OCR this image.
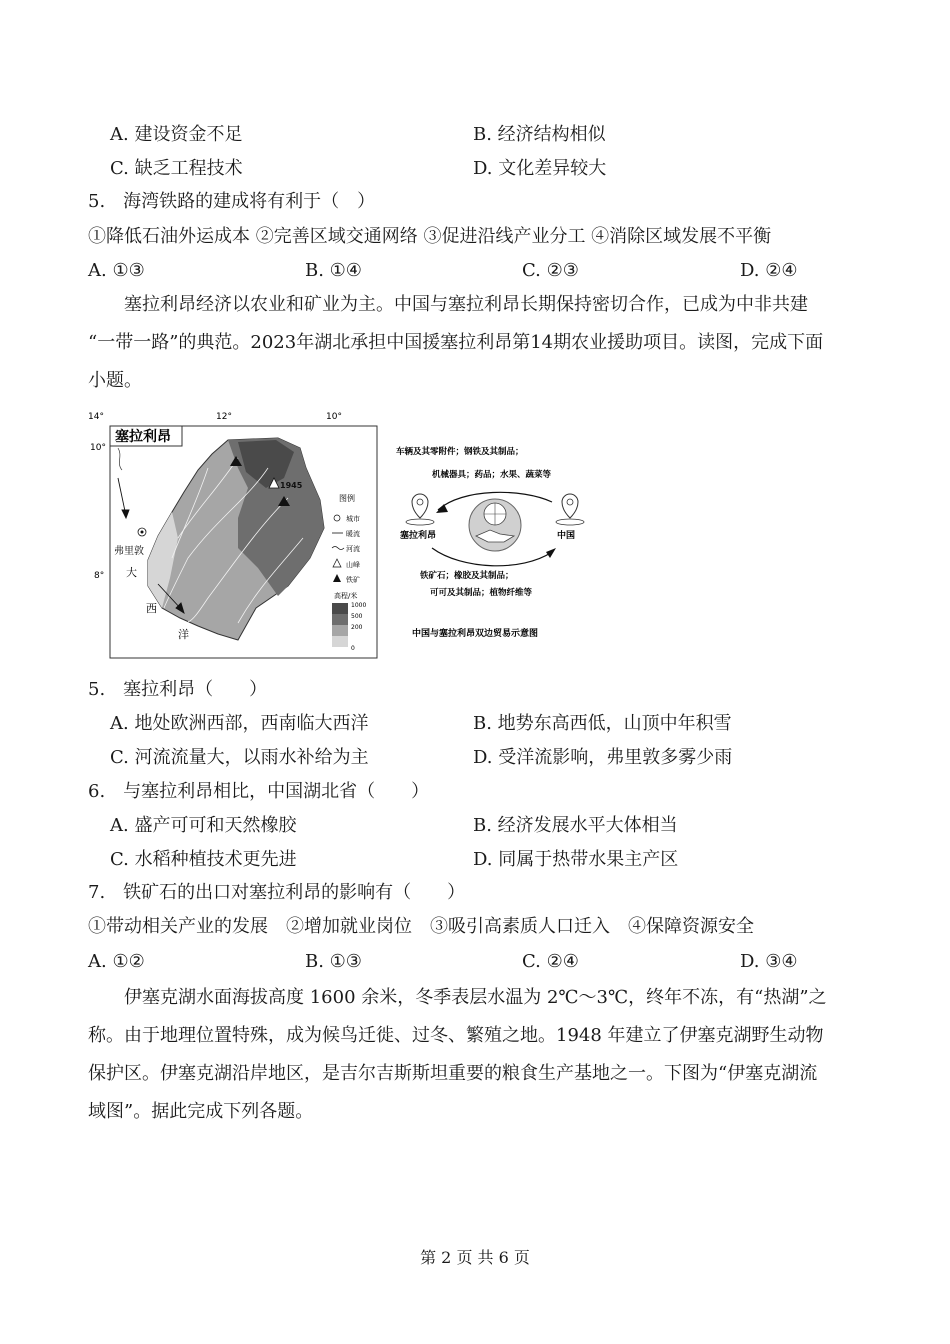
A. 建设资金不足	B. 经济结构相似
C. 缺乏工程技术	D. 文化差异较大
5.　海湾铁路的建成将有利于（　）
①降低石油外运成本 ②完善区域交通网络 ③促进沿线产业分工 ④消除区域发展不平衡
A. ①③	B. ①④	C. ②③	D. ②④

塞拉利昂经济以农业和矿业为主。中国与塞拉利昂长期保持密切合作，已成为中非共建

“一带一路”的典范。2023年湖北承担中国援塞拉利昂第14期农业援助项目。读图，完成下面

小题。

14°	12°	10°
10°
8°
塞拉利昂
1945
弗里敦
大
西
洋
图例
城市
暖流
河流
山峰
铁矿
高程/米
1000
500
200
0
车辆及其零附件；钢铁及其制品；
机械器具；药品；水果、蔬菜等
塞拉利昂	中国
铁矿石；橡胶及其制品；
可可及其制品；植物纤维等
中国与塞拉利昂双边贸易示意图
5.　塞拉利昂（　　）
A. 地处欧洲西部，西南临大西洋	B. 地势东高西低，山顶中年积雪
C. 河流流量大，以雨水补给为主	D. 受洋流影响，弗里敦多雾少雨
6.　与塞拉利昂相比，中国湖北省（　　）
A. 盛产可可和天然橡胶	B. 经济发展水平大体相当
C. 水稻种植技术更先进	D. 同属于热带水果主产区
7.　铁矿石的出口对塞拉利昂的影响有（　　）
①带动相关产业的发展　②增加就业岗位　③吸引高素质人口迁入　④保障资源安全
A. ①②	B. ①③	C. ②④	D. ③④

伊塞克湖水面海拔高度 1600 余米，冬季表层水温为 2℃～3℃，终年不冻，有“热湖”之

称。由于地理位置特殊，成为候鸟迁徙、过冬、繁殖之地。1948 年建立了伊塞克湖野生动物

保护区。伊塞克湖沿岸地区，是吉尔吉斯斯坦重要的粮食生产基地之一。下图为“伊塞克湖流

域图”。据此完成下列各题。

第 2 页 共 6 页
